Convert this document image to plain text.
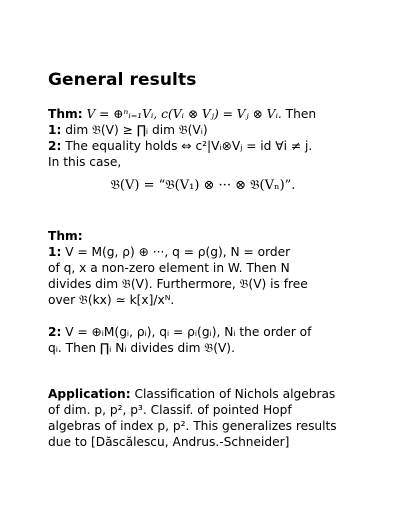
General results
Thm: V = ⊕ⁿᵢ₌₁Vᵢ, c(Vᵢ ⊗ Vⱼ) = Vⱼ ⊗ Vᵢ. Then
1: dim 𝔅(V) ≥ ∏ᵢ dim 𝔅(Vᵢ)
2: The equality holds ⇔ c²|Vᵢ⊗Vⱼ = id ∀i ≠ j.
In this case,
𝔅(V) = “𝔅(V₁) ⊗ ··· ⊗ 𝔅(Vₙ)”.
Thm:
1: V = M(g, ρ) ⊕ ···, q = ρ(g), N = order
of q, x a non-zero element in W. Then N
divides dim 𝔅(V). Furthermore, 𝔅(V) is free
over 𝔅(kx) ≃ k[x]/xᴺ.
2: V = ⊕ᵢM(gᵢ, ρᵢ), qᵢ = ρᵢ(gᵢ), Nᵢ the order of
qᵢ. Then ∏ᵢ Nᵢ divides dim 𝔅(V).
Application: Classification of Nichols algebras
of dim. p, p², p³. Classif. of pointed Hopf
algebras of index p, p². This generalizes results
due to [Dăscălescu, Andrus.-Schneider]
